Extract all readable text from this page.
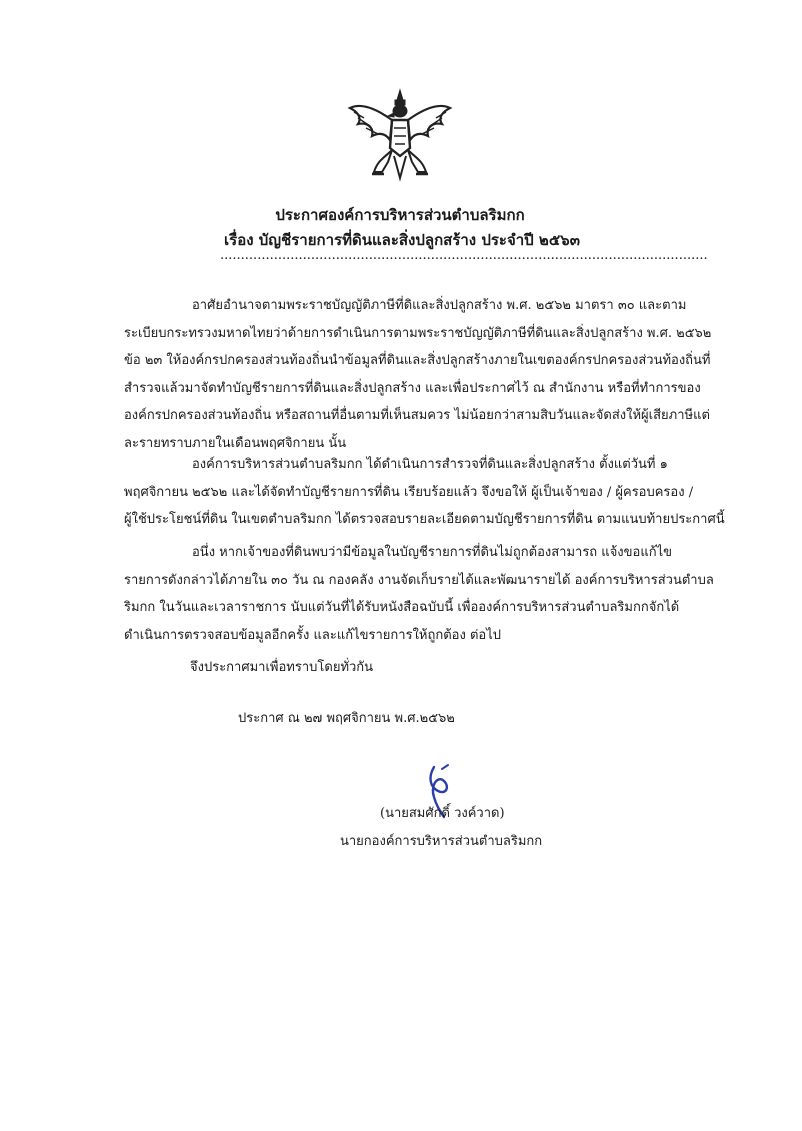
ประกาศองค์การบริหารส่วนตำบลริมกก
เรื่อง บัญชีรายการที่ดินและสิ่งปลูกสร้าง ประจำปี ๒๕๖๓
......................................................................................................................
อาศัยอำนาจตามพระราชบัญญัติภาษีที่ดิและสิ่งปลูกสร้าง พ.ศ. ๒๕๖๒ มาตรา ๓๐ และตาม
ระเบียบกระทรวงมหาดไทยว่าด้ายการดำเนินการตามพระราชบัญญัติภาษีที่ดินและสิ่งปลูกสร้าง พ.ศ. ๒๕๖๒
ข้อ ๒๓ ให้องค์กรปกครองส่วนท้องถิ่นนำข้อมูลที่ดินและสิ่งปลูกสร้างภายในเขตองค์กรปกครองส่วนท้องถิ่นที่
สำรวจแล้วมาจัดทำบัญชีรายการที่ดินและสิ่งปลูกสร้าง และเพื่อประกาศไว้ ณ สำนักงาน หรือที่ทำการของ
องค์กรปกครองส่วนท้องถิ่น หรือสถานที่อื่นตามที่เห็นสมควร ไม่น้อยกว่าสามสิบวันและจัดส่งให้ผู้เสียภาษีแต่
ละรายทราบภายในเดือนพฤศจิกายน นั้น
องค์การบริหารส่วนตำบลริมกก ได้ดำเนินการสำรวจที่ดินและสิ่งปลูกสร้าง ตั้งแต่วันที่ ๑
พฤศจิกายน ๒๕๖๒ และได้จัดทำบัญชีรายการที่ดิน เรียบร้อยแล้ว จึงขอให้ ผู้เป็นเจ้าของ / ผู้ครอบครอง /
ผู้ใช้ประโยชน์ที่ดิน ในเขตตำบลริมกก ได้ตรวจสอบรายละเอียดตามบัญชีรายการที่ดิน ตามแนบท้ายประกาศนี้
อนึ่ง หากเจ้าของที่ดินพบว่ามีข้อมูลในบัญชีรายการที่ดินไม่ถูกต้องสามารถ แจ้งขอแก้ไข
รายการดังกล่าวได้ภายใน ๓๐ วัน ณ กองคลัง งานจัดเก็บรายได้และพัฒนารายได้ องค์การบริหารส่วนตำบล
ริมกก ในวันและเวลาราชการ นับแต่วันที่ได้รับหนังสือฉบับนี้ เพื่อองค์การบริหารส่วนตำบลริมกกจักได้
ดำเนินการตรวจสอบข้อมูลอีกครั้ง และแก้ไขรายการให้ถูกต้อง ต่อไป
จึงประกาศมาเพื่อทราบโดยทั่วกัน
ประกาศ ณ ๒๗ พฤศจิกายน พ.ศ.๒๕๖๒
(นายสมศักดิ์ วงค์วาด)
นายกองค์การบริหารส่วนตำบลริมกก
